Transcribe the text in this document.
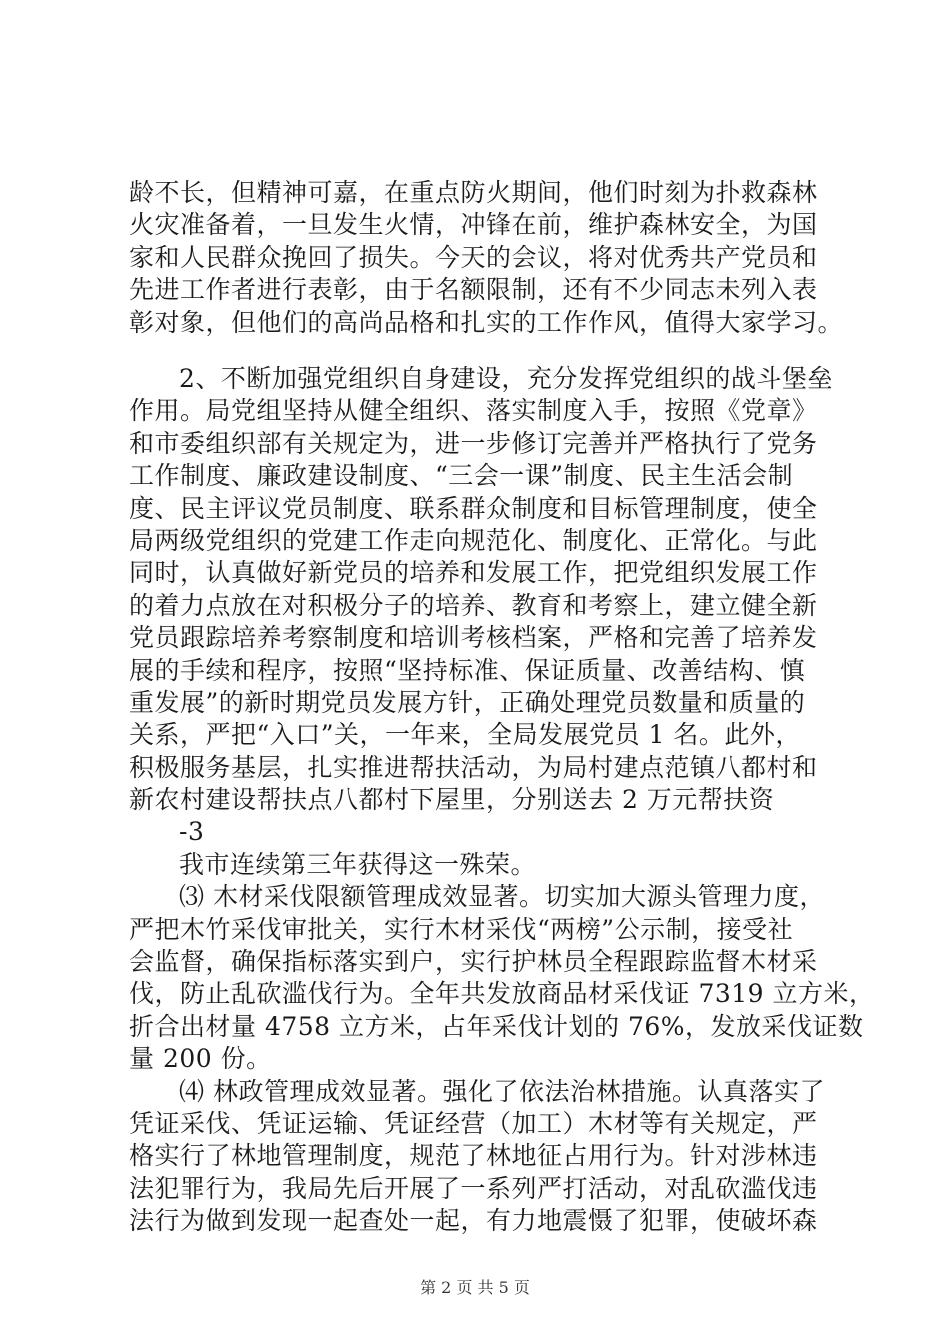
龄不长，但精神可嘉，在重点防火期间，他们时刻为扑救森林
火灾准备着，一旦发生火情，冲锋在前，维护森林安全，为国
家和人民群众挽回了损失。今天的会议，将对优秀共产党员和
先进工作者进行表彰，由于名额限制，还有不少同志未列入表
彰对象，但他们的高尚品格和扎实的工作作风，值得大家学习。
2、不断加强党组织自身建设，充分发挥党组织的战斗堡垒
作用。局党组坚持从健全组织、落实制度入手，按照《党章》
和市委组织部有关规定为，进一步修订完善并严格执行了党务
工作制度、廉政建设制度、“三会一课”制度、民主生活会制
度、民主评议党员制度、联系群众制度和目标管理制度，使全
局两级党组织的党建工作走向规范化、制度化、正常化。与此
同时，认真做好新党员的培养和发展工作，把党组织发展工作
的着力点放在对积极分子的培养、教育和考察上，建立健全新
党员跟踪培养考察制度和培训考核档案，严格和完善了培养发
展的手续和程序，按照“坚持标准、保证质量、改善结构、慎
重发展”的新时期党员发展方针，正确处理党员数量和质量的
关系，严把“入口”关，一年来，全局发展党员 1 名。此外，
积极服务基层，扎实推进帮扶活动，为局村建点范镇八都村和
新农村建设帮扶点八都村下屋里，分别送去 2 万元帮扶资
-3
我市连续第三年获得这一殊荣。
⑶ 木材采伐限额管理成效显著。切实加大源头管理力度，
严把木竹采伐审批关，实行木材采伐“两榜”公示制，接受社
会监督，确保指标落实到户，实行护林员全程跟踪监督木材采
伐，防止乱砍滥伐行为。全年共发放商品材采伐证 7319 立方米，
折合出材量 4758 立方米，占年采伐计划的 76%，发放采伐证数
量 200 份。
⑷ 林政管理成效显著。强化了依法治林措施。认真落实了
凭证采伐、凭证运输、凭证经营（加工）木材等有关规定，严
格实行了林地管理制度，规范了林地征占用行为。针对涉林违
法犯罪行为，我局先后开展了一系列严打活动，对乱砍滥伐违
法行为做到发现一起查处一起，有力地震慑了犯罪，使破坏森
第 2 页 共 5 页
